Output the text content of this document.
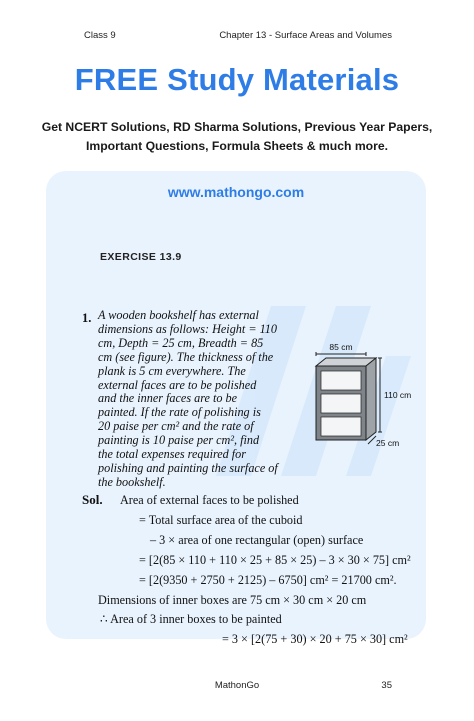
Class 9	Chapter 13 - Surface Areas and Volumes
FREE Study Materials
Get NCERT Solutions, RD Sharma Solutions, Previous Year Papers,
Important Questions, Formula Sheets & much more.
www.mathongo.com
EXERCISE 13.9
1. A wooden bookshelf has external
dimensions as follows: Height = 110
cm, Depth = 25 cm, Breadth = 85
cm (see figure). The thickness of the
plank is 5 cm everywhere. The
external faces are to be polished
and the inner faces are to be
painted. If the rate of polishing is
20 paise per cm² and the rate of
painting is 10 paise per cm², find
the total expenses required for
polishing and painting the surface of
the bookshelf.
85 cm
110 cm
25 cm
Sol. Area of external faces to be polished
= Total surface area of the cuboid
– 3 × area of one rectangular (open) surface
= [2(85 × 110 + 110 × 25 + 85 × 25) – 3 × 30 × 75] cm²
= [2(9350 + 2750 + 2125) – 6750] cm² = 21700 cm².
Dimensions of inner boxes are 75 cm × 30 cm × 20 cm
∴ Area of 3 inner boxes to be painted
= 3 × [2(75 + 30) × 20 + 75 × 30] cm²
MathonGo	35
